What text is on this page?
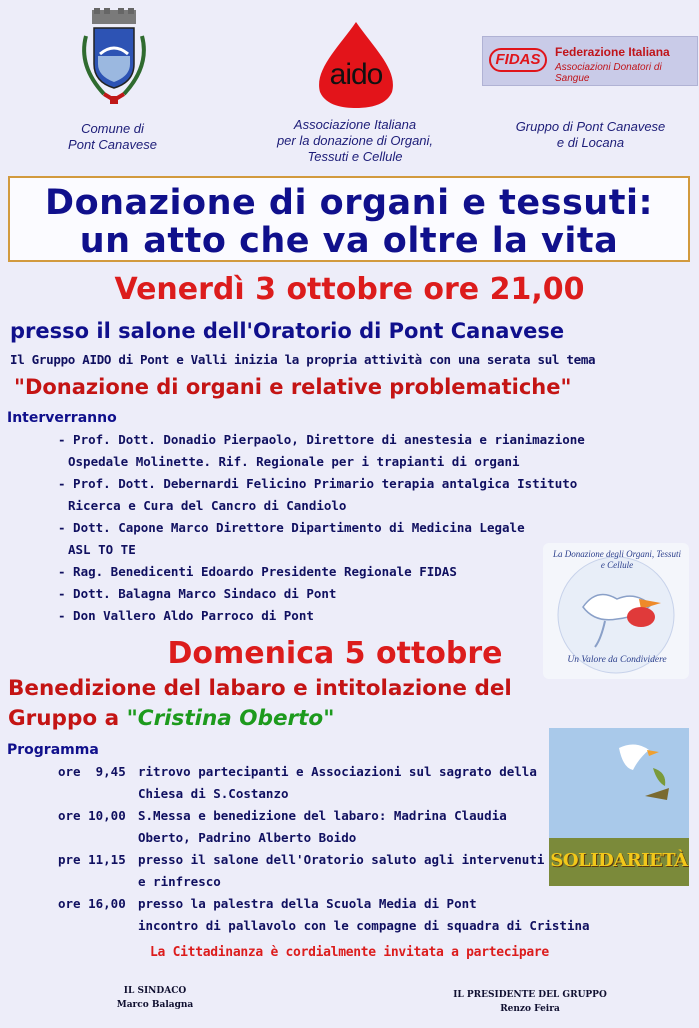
Comune di
Pont Canavese
aido
Associazione Italiana
per la donazione di Organi,
Tessuti e Cellule
FIDAS	Federazione Italiana
Associazioni Donatori di Sangue
Gruppo di Pont Canavese
e di Locana
Donazione di organi e tessuti:
un atto che va oltre la vita
Venerdì 3 ottobre ore 21,00
presso il salone dell'Oratorio di Pont Canavese
Il Gruppo AIDO di Pont e Valli inizia la propria attività con una serata sul tema
"Donazione di organi e relative problematiche"
Interverranno
- Prof. Dott. Donadio Pierpaolo, Direttore di anestesia e rianimazione
Ospedale Molinette. Rif. Regionale per i trapianti di organi
- Prof. Dott. Debernardi Felicino Primario terapia antalgica Istituto
Ricerca e Cura del Cancro di Candiolo
- Dott. Capone Marco Direttore Dipartimento di Medicina Legale
ASL TO TE
- Rag. Benedicenti Edoardo Presidente Regionale FIDAS
- Dott. Balagna Marco Sindaco di Pont
- Don Vallero Aldo Parroco di Pont
La Donazione degli Organi, Tessuti e Cellule
Un Valore da Condividere
Domenica 5 ottobre
Benedizione del labaro e intitolazione del
Gruppo a "Cristina Oberto"
Programma
ore  9,45 ritrovo partecipanti e Associazioni sul sagrato della
Chiesa di S.Costanzo
ore 10,00 S.Messa e benedizione del labaro: Madrina Claudia
Oberto, Padrino Alberto Boido
pre 11,15 presso il salone dell'Oratorio saluto agli intervenuti
e rinfresco
ore 16,00 presso la palestra della Scuola Media di Pont
incontro di pallavolo con le compagne di squadra di Cristina
SOLIDARIETÀ
La Cittadinanza è cordialmente invitata a partecipare
IL SINDACO
Marco Balagna
IL PRESIDENTE DEL GRUPPO
Renzo Feira
